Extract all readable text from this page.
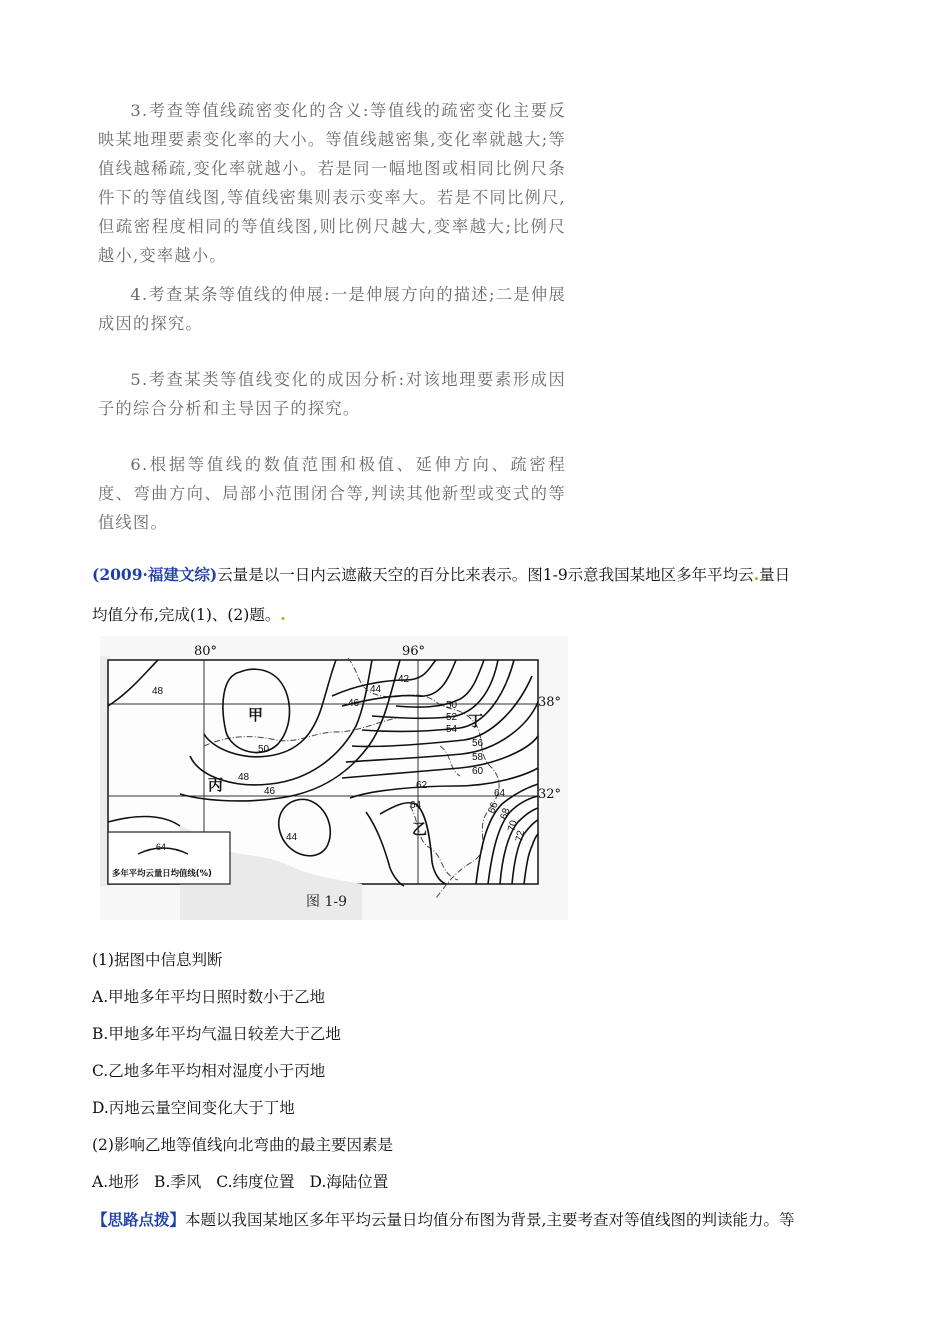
3.考查等值线疏密变化的含义:等值线的疏密变化主要反映某地理要素变化率的大小。等值线越密集,变化率就越大;等值线越稀疏,变化率就越小。若是同一幅地图或相同比例尺条件下的等值线图,等值线密集则表示变率大。若是不同比例尺,但疏密程度相同的等值线图,则比例尺越大,变率越大;比例尺越小,变率越小。

4.考查某条等值线的伸展:一是伸展方向的描述;二是伸展成因的探究。

5.考查某类等值线变化的成因分析:对该地理要素形成因子的综合分析和主导因子的探究。

6.根据等值线的数值范围和极值、延伸方向、疏密程度、弯曲方向、局部小范围闭合等,判读其他新型或变式的等值线图。

(2009·福建文综)云量是以一日内云遮蔽天空的百分比来表示。图1-9示意我国某地区多年平均云.量日
均值分布,完成(1)、(2)题。.
48	44
42
46	50
52
54
56
58
60
50
48
46
62
44
64	66
68
70
72
64
甲
乙
丙
丁
80°	96°
38°
32°
64
多年平均云量日均值线(%)
图 1-9
(1)据图中信息判断
A.甲地多年平均日照时数小于乙地
B.甲地多年平均气温日较差大于乙地
C.乙地多年平均相对湿度小于丙地
D.丙地云量空间变化大于丁地
(2)影响乙地等值线向北弯曲的最主要因素是
A.地形 B.季风 C.纬度位置 D.海陆位置
【思路点拨】本题以我国某地区多年平均云量日均值分布图为背景,主要考查对等值线图的判读能力。等
